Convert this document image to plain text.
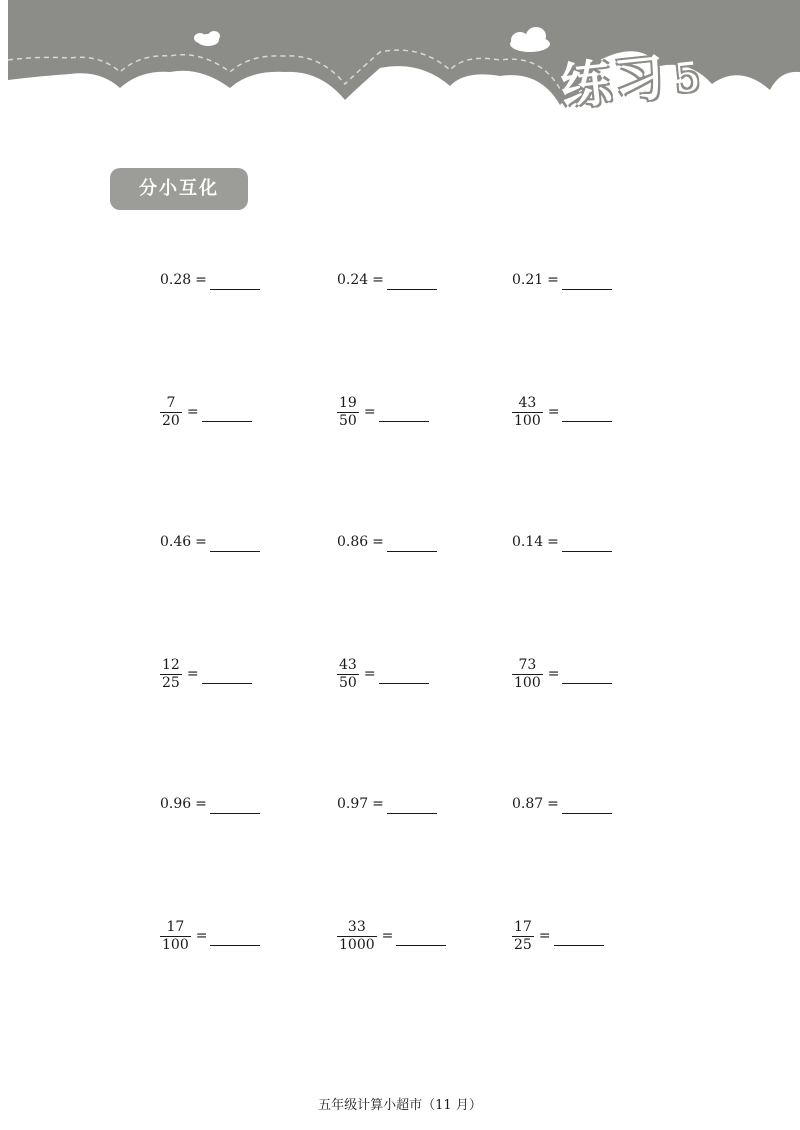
练习5
分小互化
0.28 =	0.24 =	0.21 =
$\frac{7}{20}$ =	$\frac{19}{50}$ =	$\frac{43}{100}$ =
0.46 =	0.86 =	0.14 =
$\frac{12}{25}$ =	$\frac{43}{50}$ =	$\frac{73}{100}$ =
0.96 =	0.97 =	0.87 =
$\frac{17}{100}$ =	$\frac{33}{1000}$ =	$\frac{17}{25}$ =
五年级计算小超市（11 月）
